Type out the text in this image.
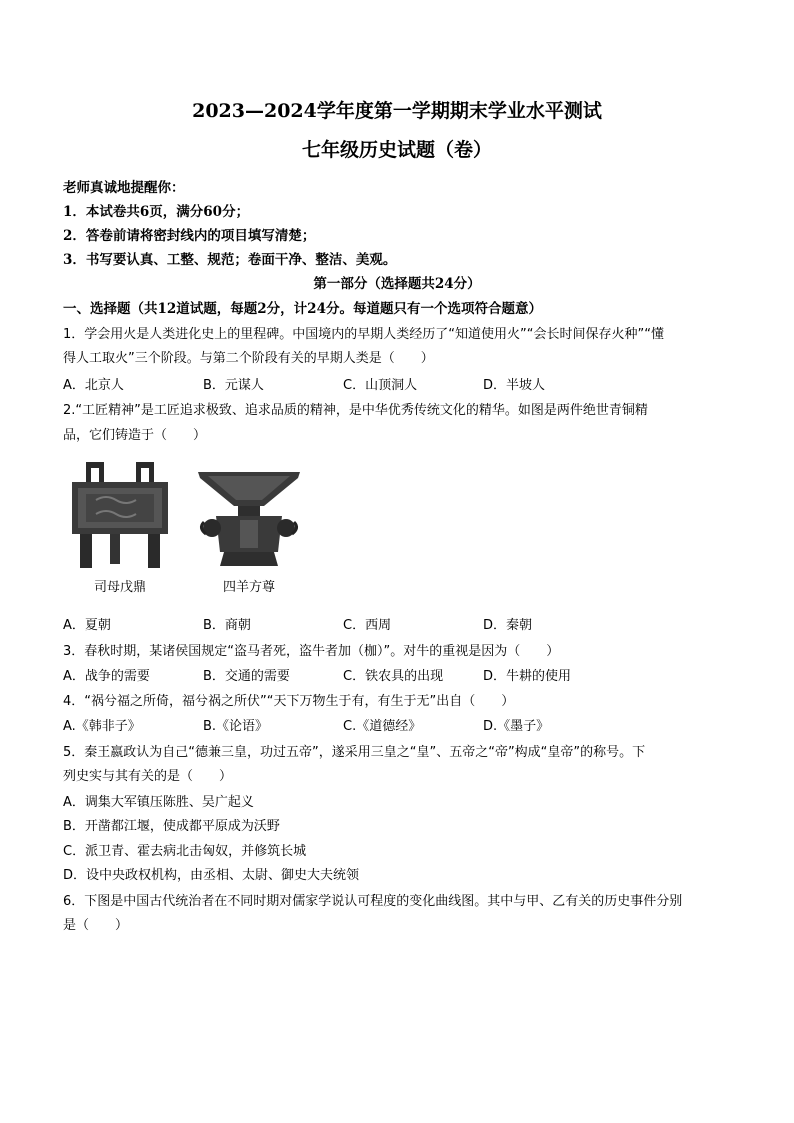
2023—2024学年度第一学期期末学业水平测试
七年级历史试题（卷）
老师真诚地提醒你：
1．本试卷共6页，满分60分；
2．答卷前请将密封线内的项目填写清楚；
3．书写要认真、工整、规范；卷面干净、整洁、美观。
第一部分（选择题共24分）
一、选择题（共12道试题，每题2分，计24分。每道题只有一个选项符合题意）
1．学会用火是人类进化史上的里程碑。中国境内的早期人类经历了“知道使用火”“会长时间保存火种”“懂
得人工取火”三个阶段。与第二个阶段有关的早期人类是（　　）
A．北京人	B．元谋人	C．山顶洞人	D．半坡人
2.“工匠精神”是工匠追求极致、追求品质的精神，是中华优秀传统文化的精华。如图是两件绝世青铜精
品，它们铸造于（　　）
司母戊鼎	四羊方尊
A．夏朝	B．商朝	C．西周	D．秦朝
3．春秋时期，某诸侯国规定“盗马者死，盗牛者加（枷）”。对牛的重视是因为（　　）
A．战争的需要	B．交通的需要	C．铁农具的出现	D．牛耕的使用
4．“祸兮福之所倚，福兮祸之所伏”“天下万物生于有，有生于无”出自（　　）
A.《韩非子》	B.《论语》	C.《道德经》	D.《墨子》
5．秦王嬴政认为自己“德兼三皇，功过五帝”，遂采用三皇之“皇”、五帝之“帝”构成“皇帝”的称号。下
列史实与其有关的是（　　）
A．调集大军镇压陈胜、吴广起义
B．开凿都江堰，使成都平原成为沃野
C．派卫青、霍去病北击匈奴，并修筑长城
D．设中央政权机构，由丞相、太尉、御史大夫统领
6．下图是中国古代统治者在不同时期对儒家学说认可程度的变化曲线图。其中与甲、乙有关的历史事件分别
是（　　）
